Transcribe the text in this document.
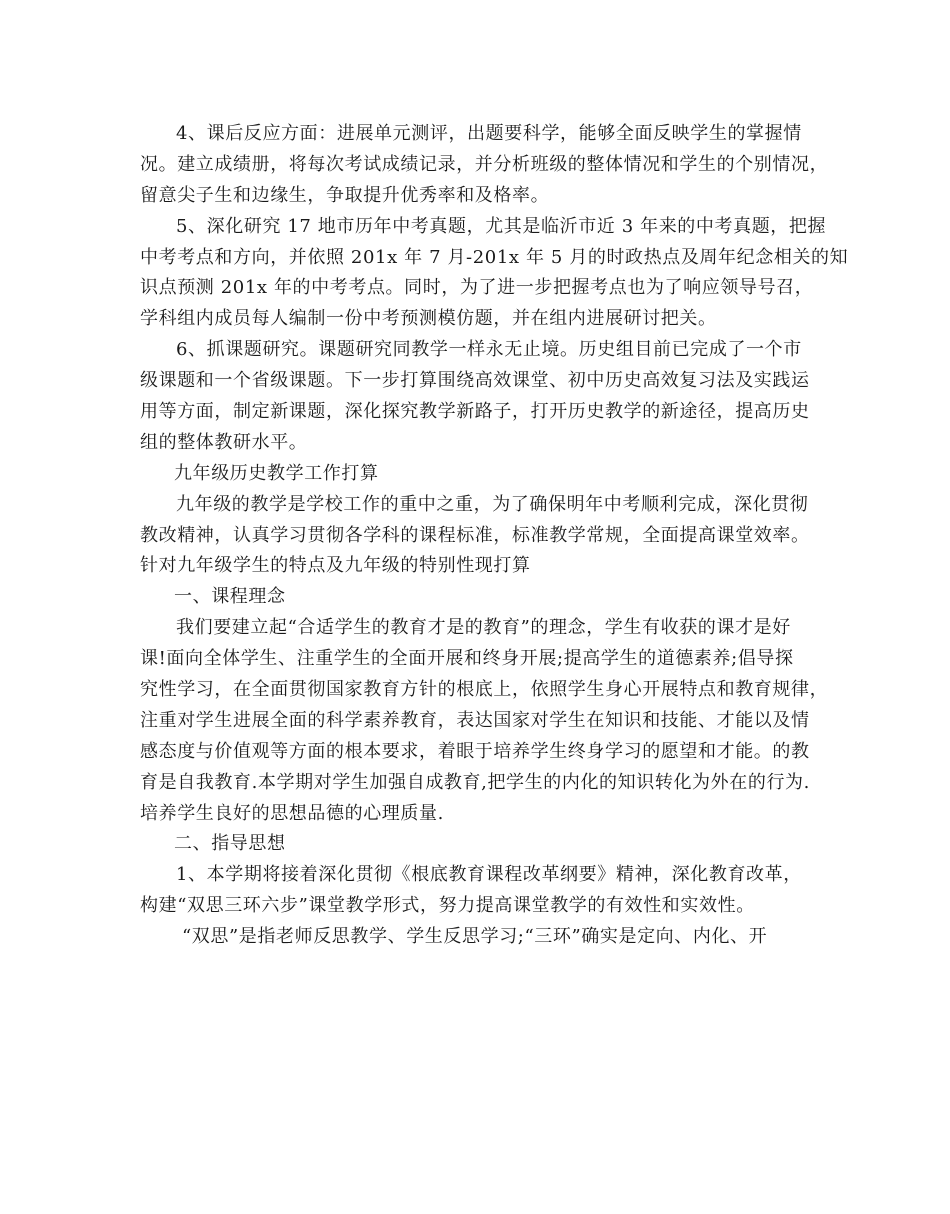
4、课后反应方面：进展单元测评，出题要科学，能够全面反映学生的掌握情
况。建立成绩册，将每次考试成绩记录，并分析班级的整体情况和学生的个别情况，
留意尖子生和边缘生，争取提升优秀率和及格率。
5、深化研究 17 地市历年中考真题，尤其是临沂市近 3 年来的中考真题，把握
中考考点和方向，并依照 201x 年 7 月-201x 年 5 月的时政热点及周年纪念相关的知
识点预测 201x 年的中考考点。同时，为了进一步把握考点也为了响应领导号召，
学科组内成员每人编制一份中考预测模仿题，并在组内进展研讨把关。
6、抓课题研究。课题研究同教学一样永无止境。历史组目前已完成了一个市
级课题和一个省级课题。下一步打算围绕高效课堂、初中历史高效复习法及实践运
用等方面，制定新课题，深化探究教学新路子，打开历史教学的新途径，提高历史
组的整体教研水平。
九年级历史教学工作打算
九年级的教学是学校工作的重中之重，为了确保明年中考顺利完成，深化贯彻
教改精神，认真学习贯彻各学科的课程标准，标准教学常规，全面提高课堂效率。
针对九年级学生的特点及九年级的特别性现打算
一、课程理念
我们要建立起“合适学生的教育才是的教育”的理念，学生有收获的课才是好
课!面向全体学生、注重学生的全面开展和终身开展;提高学生的道德素养;倡导探
究性学习，在全面贯彻国家教育方针的根底上，依照学生身心开展特点和教育规律，
注重对学生进展全面的科学素养教育，表达国家对学生在知识和技能、才能以及情
感态度与价值观等方面的根本要求，着眼于培养学生终身学习的愿望和才能。的教
育是自我教育.本学期对学生加强自成教育,把学生的内化的知识转化为外在的行为.
培养学生良好的思想品德的心理质量.
二、指导思想
1、本学期将接着深化贯彻《根底教育课程改革纲要》精神，深化教育改革，
构建“双思三环六步”课堂教学形式，努力提高课堂教学的有效性和实效性。
“双思”是指老师反思教学、学生反思学习;“三环”确实是定向、内化、开
